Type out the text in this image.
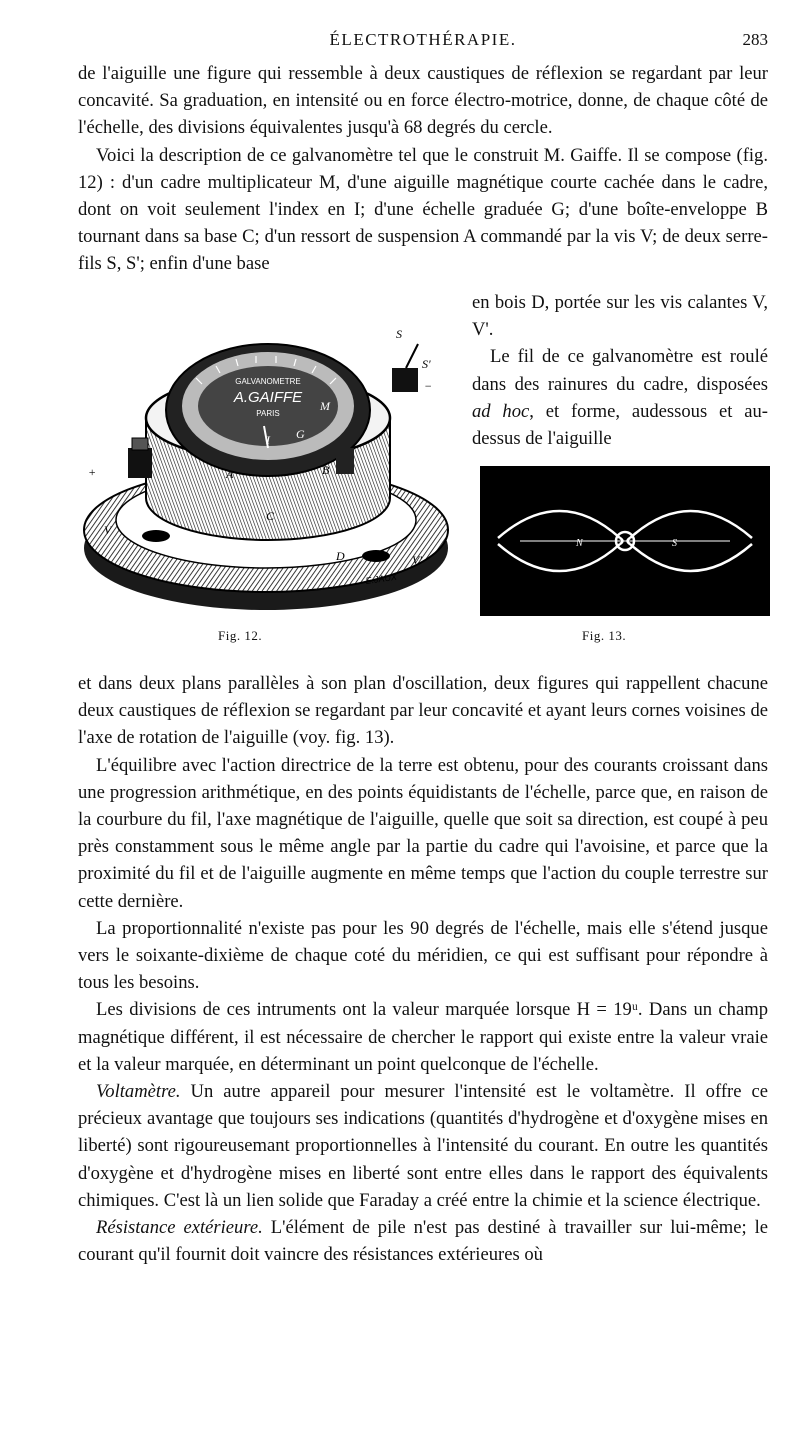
ÉLECTROTHÉRAPIE.	283

de l'aiguille une figure qui ressemble à deux caustiques de réflexion se regardant par leur concavité. Sa graduation, en intensité ou en force électro-motrice, donne, de chaque côté de l'échelle, des divisions équivalentes jusqu'à 68 degrés du cercle.

Voici la description de ce galvanomètre tel que le construit M. Gaiffe. Il se compose (fig. 12) : d'un cadre multiplicateur M, d'une aiguille magnétique courte cachée dans le cadre, dont on voit seulement l'index en I; d'une échelle graduée G; d'une boîte-enveloppe B tournant dans sa base C; d'un ressort de suspension A commandé par la vis V; de deux serre-fils S, S'; enfin d'une base

GALVANOMETRE
A.GAIFFE
PARIS
S
S'
M
I G
B
C
V
V'
D
A
+
−
E.JAUX
Fig. 12.

en bois D, portée sur les vis calantes V, V'.

Le fil de ce galvanomètre est roulé dans des rainures du cadre, disposées ad hoc, et forme, audessous et au-dessus de l'aiguille

N	S
Fig. 13.

et dans deux plans parallèles à son plan d'oscillation, deux figures qui rappellent chacune deux caustiques de réflexion se regardant par leur concavité et ayant leurs cornes voisines de l'axe de rotation de l'aiguille (voy. fig. 13).

L'équilibre avec l'action directrice de la terre est obtenu, pour des courants croissant dans une progression arithmétique, en des points équidistants de l'échelle, parce que, en raison de la courbure du fil, l'axe magnétique de l'aiguille, quelle que soit sa direction, est coupé à peu près constamment sous le même angle par la partie du cadre qui l'avoisine, et parce que la proximité du fil et de l'aiguille augmente en même temps que l'action du couple terrestre sur cette dernière.

La proportionnalité n'existe pas pour les 90 degrés de l'échelle, mais elle s'étend jusque vers le soixante-dixième de chaque coté du méridien, ce qui est suffisant pour répondre à tous les besoins.

Les divisions de ces intruments ont la valeur marquée lorsque H = 19ᵘ. Dans un champ magnétique différent, il est nécessaire de chercher le rapport qui existe entre la valeur vraie et la valeur marquée, en déterminant un point quelconque de l'échelle.

Voltamètre. Un autre appareil pour mesurer l'intensité est le voltamètre. Il offre ce précieux avantage que toujours ses indications (quantités d'hydrogène et d'oxygène mises en liberté) sont rigoureusemant proportionnelles à l'intensité du courant. En outre les quantités d'oxygène et d'hydrogène mises en liberté sont entre elles dans le rapport des équivalents chimiques. C'est là un lien solide que Faraday a créé entre la chimie et la science électrique.

Résistance extérieure. L'élément de pile n'est pas destiné à travailler sur lui-même; le courant qu'il fournit doit vaincre des résistances extérieures où
